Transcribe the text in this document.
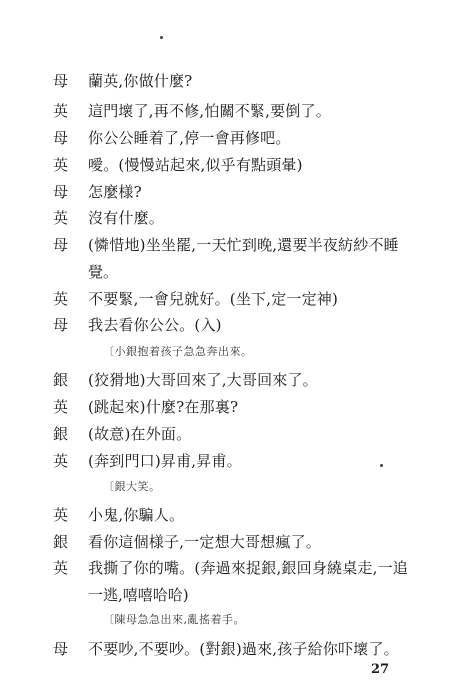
母	蘭英,你做什麼?
英	這門壞了,再不修,怕關不緊,要倒了。
母	你公公睡着了,停一會再修吧。
英	噯。(慢慢站起來,似乎有點頭暈)
母	怎麼様?
英	沒有什麼。
母	(憐惜地)坐坐罷,一天忙到晚,還要半夜紡紗不睡
覺。
英	不要緊,一會兒就好。(坐下,定一定神)
母	我去看你公公。(入)
〔小銀抱着孩子急急奔出來。
銀	(狡猾地)大哥回來了,大哥回來了。
英	(跳起來)什麼?在那裏?
銀	(故意)在外面。
英	(奔到門口)昇甫,昇甫。
〔銀大笑。
英	小鬼,你騙人。
銀	看你這個様子,一定想大哥想瘋了。
英	我撕了你的嘴。(奔過來捉銀,銀回身繞桌走,一追
一逃,嘻嘻哈哈)
〔陳母急急出來,亂搖着手。
母	不要吵,不要吵。(對銀)過來,孩子給你吓壞了。
27
